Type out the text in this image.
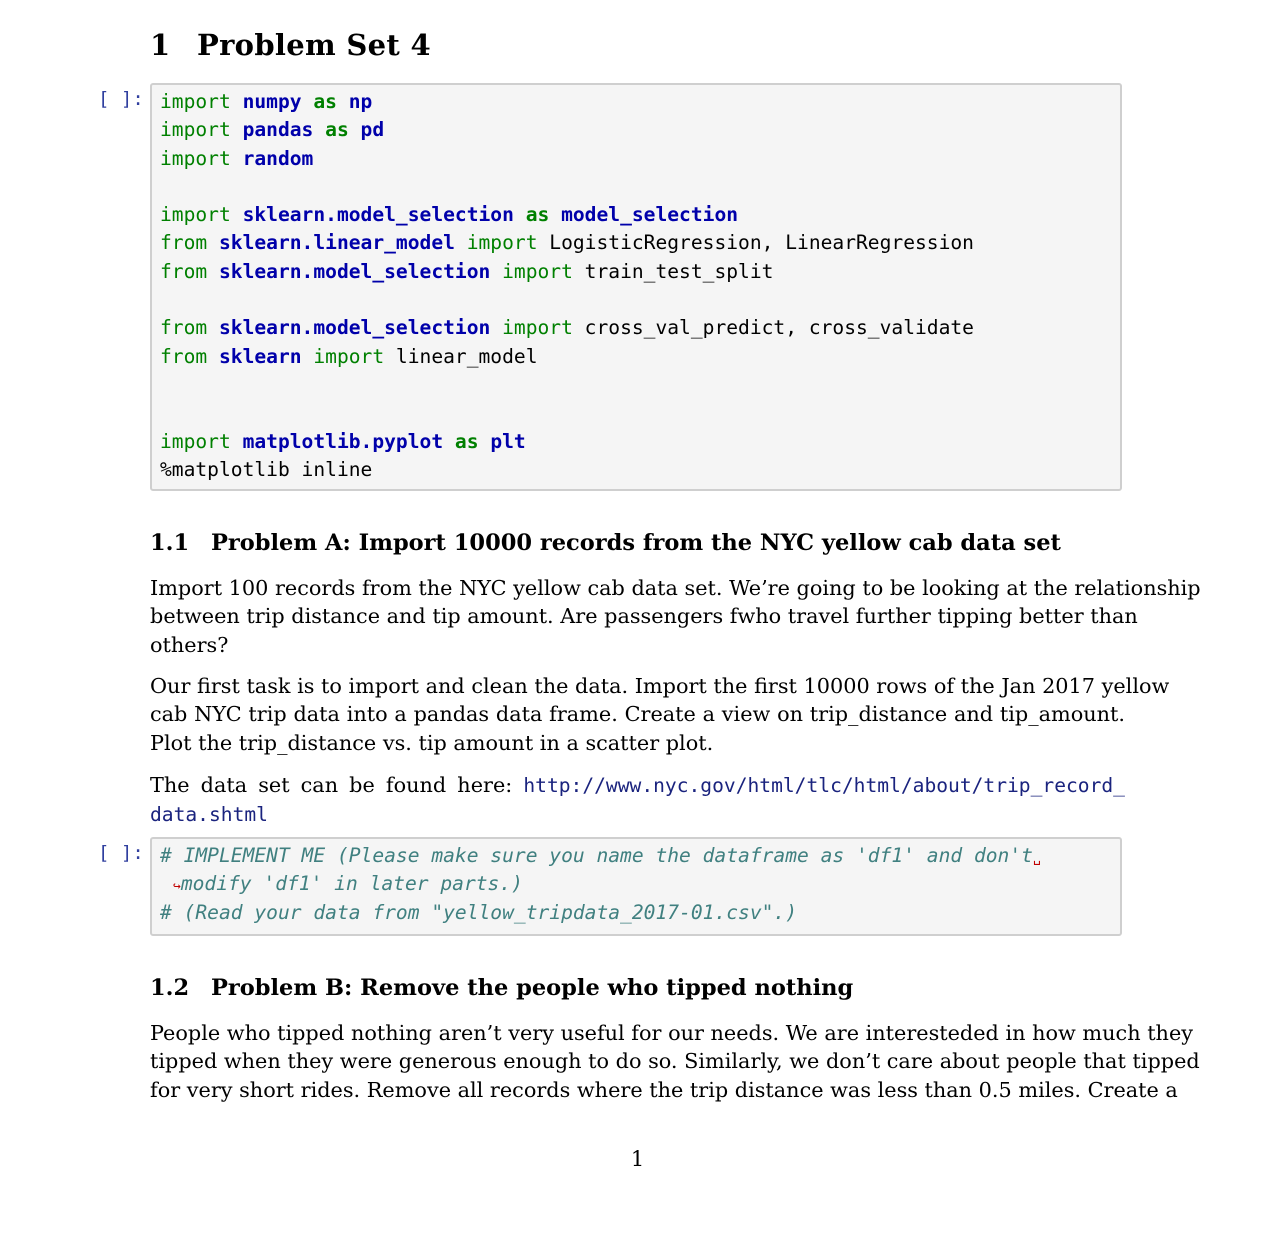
1 Problem Set 4
[ ]: import numpy as np
import pandas as pd
import random
import sklearn.model_selection as model_selection
from sklearn.linear_model import LogisticRegression, LinearRegression
from sklearn.model_selection import train_test_split
from sklearn.model_selection import cross_val_predict, cross_validate
from sklearn import linear_model
import matplotlib.pyplot as plt
%matplotlib inline
1.1 Problem A: Import 10000 records from the NYC yellow cab data set
Import 100 records from the NYC yellow cab data set. We’re going to be looking at the relationship
between trip distance and tip amount. Are passengers fwho travel further tipping better than
others?
Our first task is to import and clean the data. Import the first 10000 rows of the Jan 2017 yellow
cab NYC trip data into a pandas data frame. Create a view on trip_distance and tip_amount.
Plot the trip_distance vs. tip amount in a scatter plot.
The data set can be found here: http://www.nyc.gov/html/tlc/html/about/trip_record_
data.shtml
[ ]: # IMPLEMENT ME (Please make sure you name the dataframe as 'df1' and don't␣
↪modify 'df1' in later parts.)
# (Read your data from "yellow_tripdata_2017-01.csv".)
1.2 Problem B: Remove the people who tipped nothing
People who tipped nothing aren’t very useful for our needs. We are interesteded in how much they
tipped when they were generous enough to do so. Similarly, we don’t care about people that tipped
for very short rides. Remove all records where the trip distance was less than 0.5 miles. Create a
1
